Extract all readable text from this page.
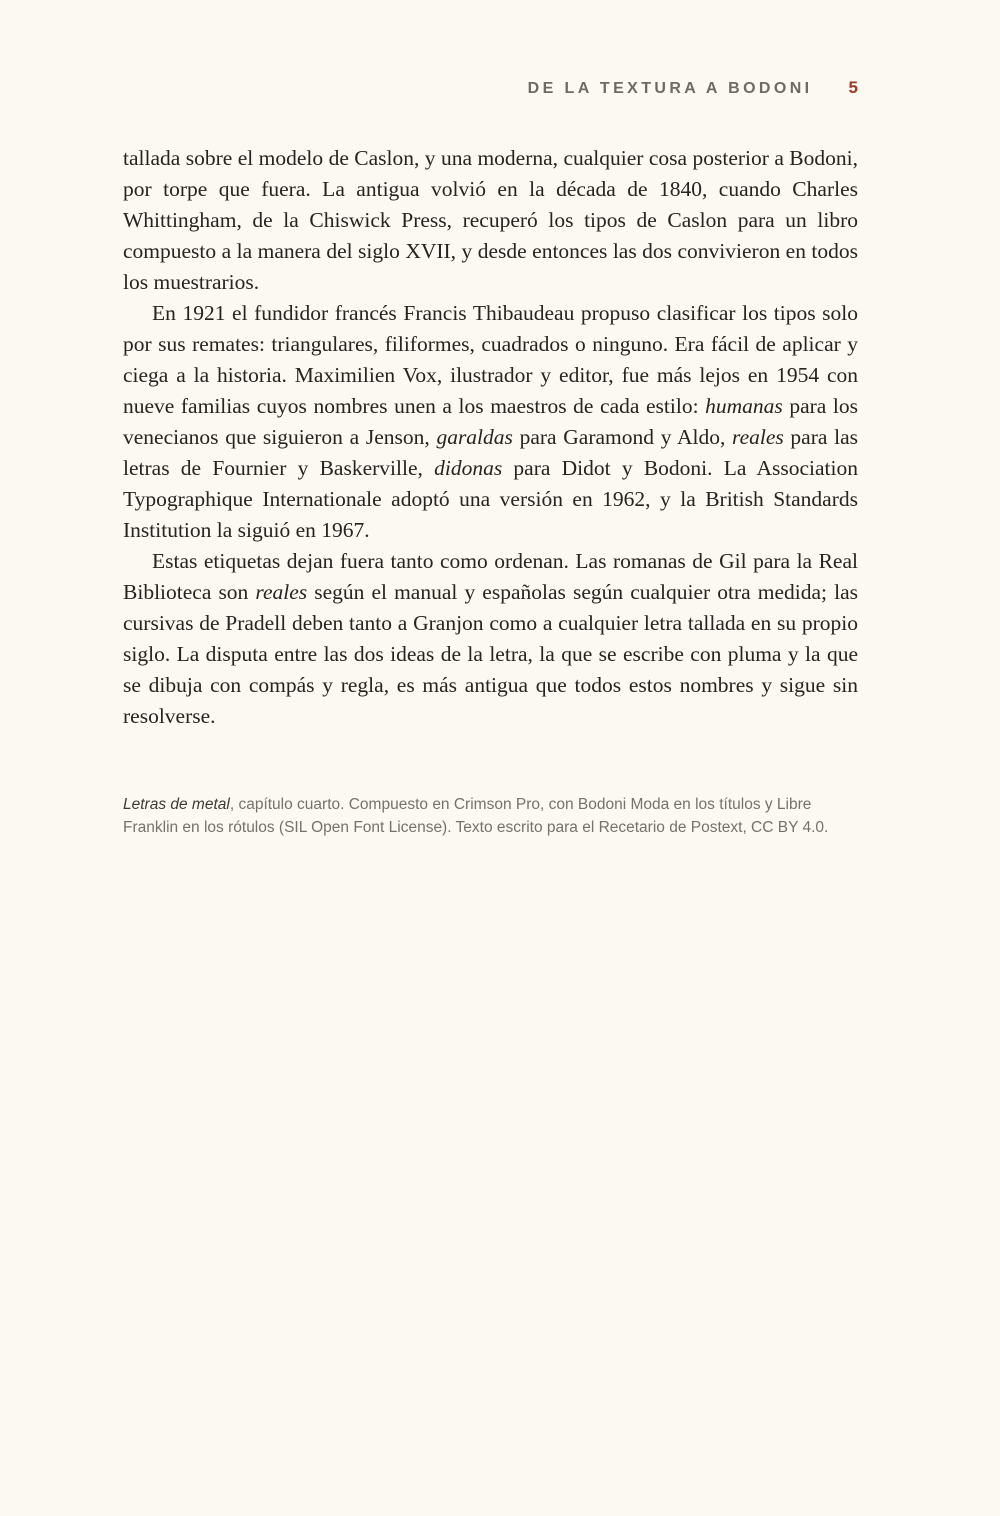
DE LA TEXTURA A BODONI 5

tallada sobre el modelo de Caslon, y una moderna, cualquier cosa posterior a Bodoni, por torpe que fuera. La antigua volvió en la década de 1840, cuando Charles Whittingham, de la Chiswick Press, recuperó los tipos de Caslon para un libro compuesto a la manera del siglo XVII, y desde entonces las dos convivieron en todos los muestrarios.

En 1921 el fundidor francés Francis Thibaudeau propuso clasificar los tipos solo por sus remates: triangulares, filiformes, cuadrados o ninguno. Era fácil de aplicar y ciega a la historia. Maximilien Vox, ilustrador y editor, fue más lejos en 1954 con nueve familias cuyos nombres unen a los maestros de cada estilo: humanas para los venecianos que siguieron a Jenson, garaldas para Garamond y Aldo, reales para las letras de Fournier y Baskerville, didonas para Didot y Bodoni. La Association Typographique Internationale adoptó una versión en 1962, y la British Standards Institution la siguió en 1967.

Estas etiquetas dejan fuera tanto como ordenan. Las romanas de Gil para la Real Biblioteca son reales según el manual y españolas según cualquier otra medida; las cursivas de Pradell deben tanto a Granjon como a cualquier letra tallada en su propio siglo. La disputa entre las dos ideas de la letra, la que se escribe con pluma y la que se dibuja con compás y regla, es más antigua que todos estos nombres y sigue sin resolverse.

Letras de metal, capítulo cuarto. Compuesto en Crimson Pro, con Bodoni Moda en los títulos y Libre Franklin en los rótulos (SIL Open Font License). Texto escrito para el Recetario de Postext, CC BY 4.0.
